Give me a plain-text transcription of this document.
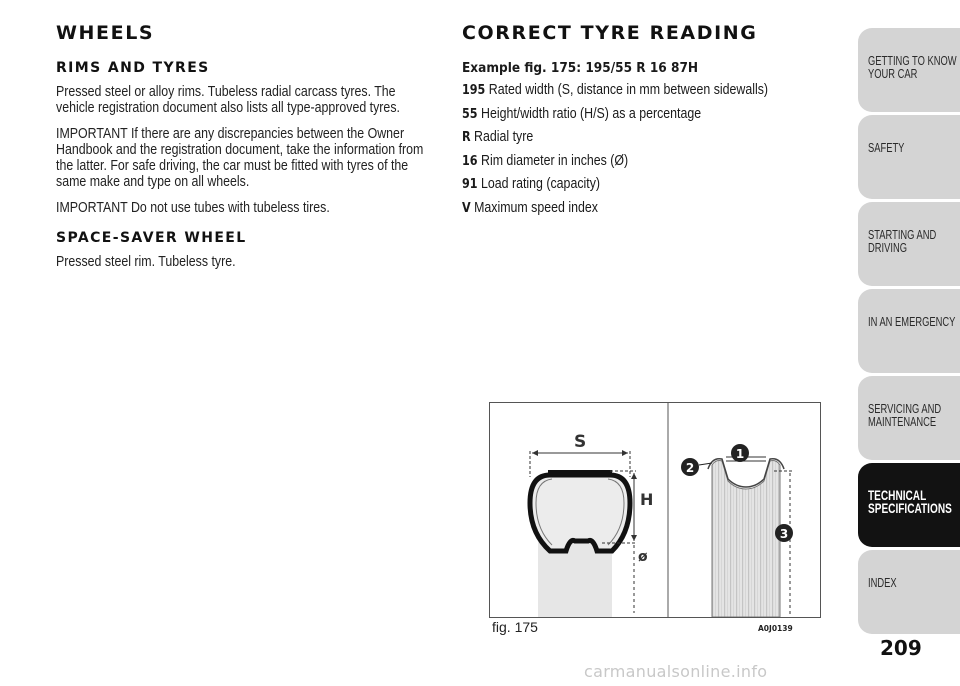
WHEELS
RIMS AND TYRES

Pressed steel or alloy rims. Tubeless radial carcass tyres. The vehicle registration document also lists all type-approved tyres.

IMPORTANT If there are any discrepancies between the Owner Handbook and the registration document, take the information from the latter. For safe driving, the car must be fitted with tyres of the same make and type on all wheels.

IMPORTANT Do not use tubes with tubeless tires.

SPACE-SAVER WHEEL

Pressed steel rim. Tubeless tyre.

CORRECT TYRE READING
Example fig. 175: 195/55 R 16 87H
195 Rated width (S, distance in mm between sidewalls)
55 Height/width ratio (H/S) as a percentage
R Radial tyre
16 Rim diameter in inches (Ø)
91 Load rating (capacity)
V Maximum speed index
S
H
ø
1
2
3
fig. 175	A0J0139
GETTING TO KNOW
YOUR CAR
SAFETY
STARTING AND
DRIVING
IN AN EMERGENCY
SERVICING AND
MAINTENANCE
TECHNICAL
SPECIFICATIONS
INDEX
209
carmanualsonline.info
